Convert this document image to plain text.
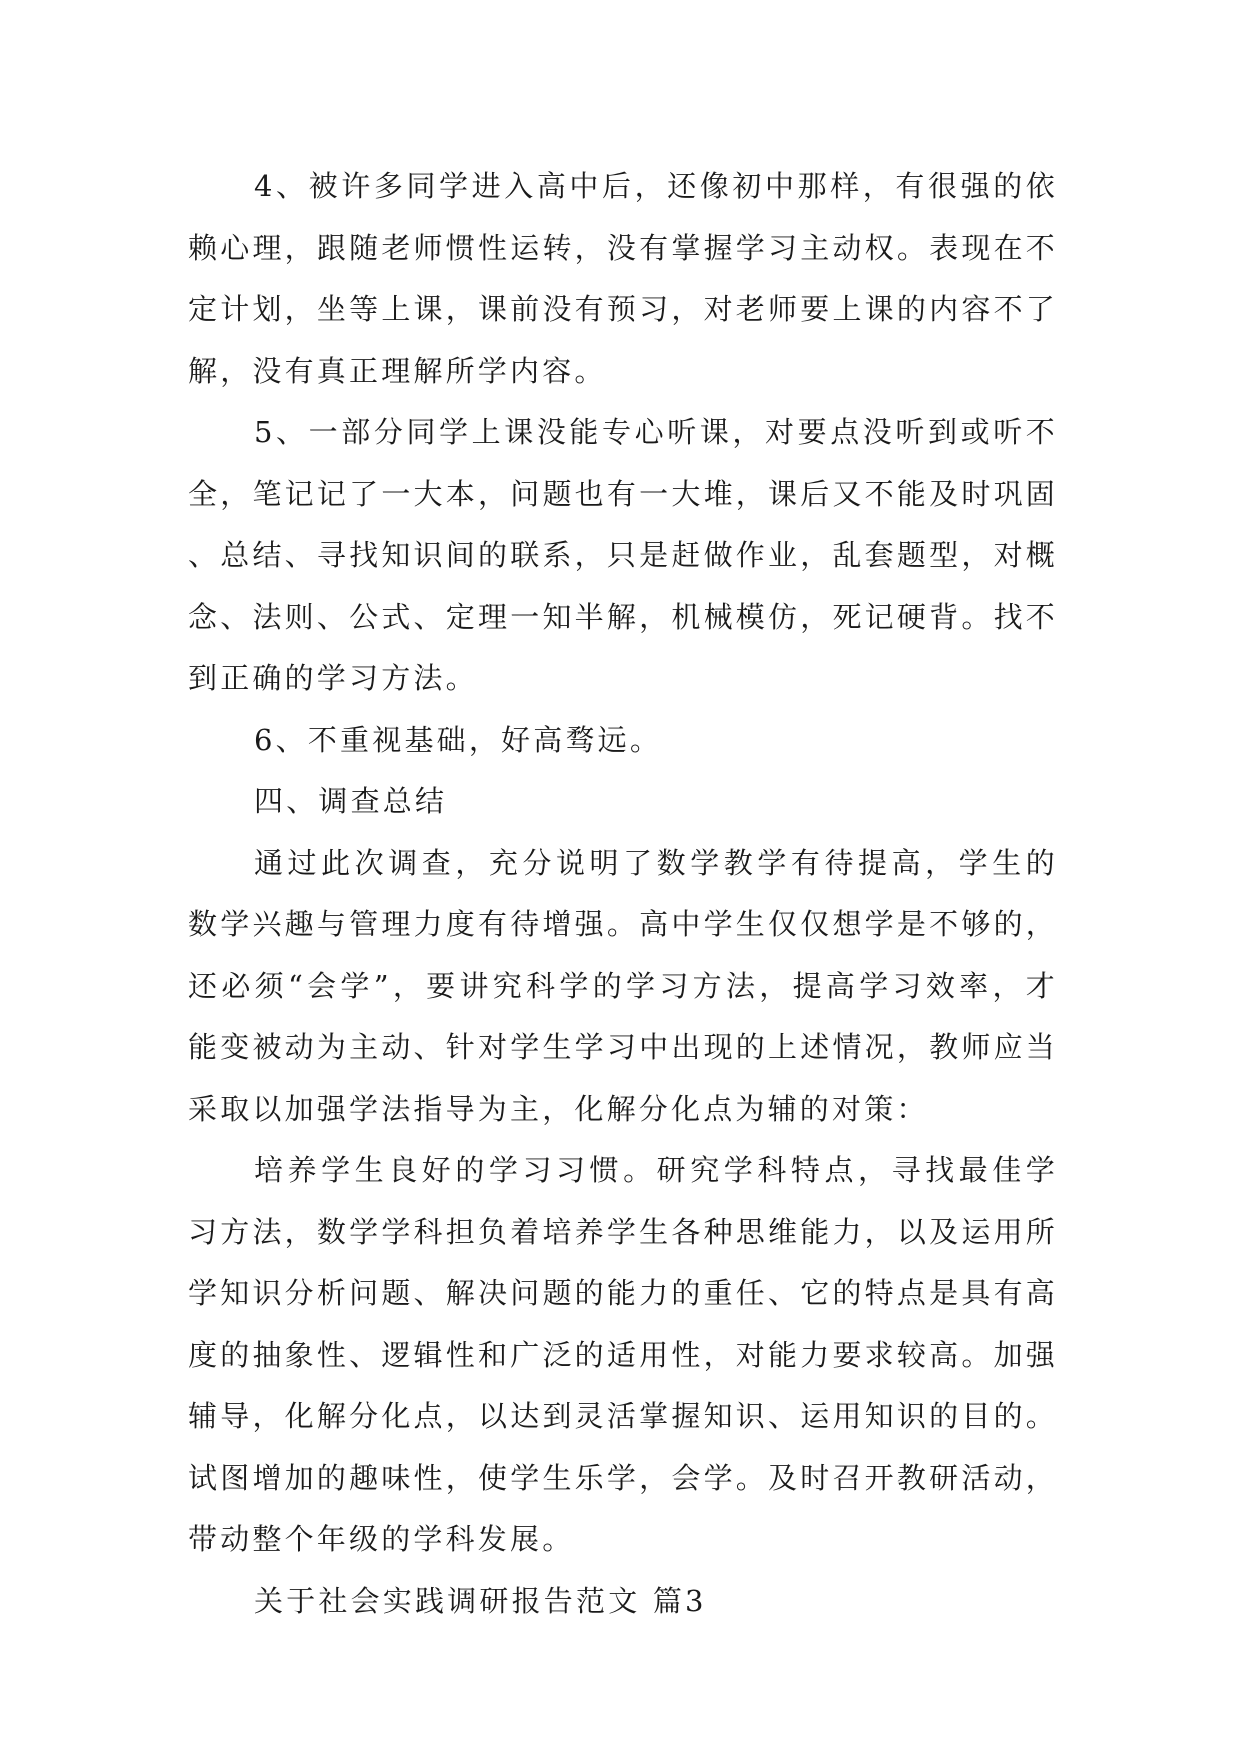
4、被许多同学进入高中后，还像初中那样，有很强的依赖心理，跟随老师惯性运转，没有掌握学习主动权。表现在不定计划，坐等上课，课前没有预习，对老师要上课的内容不了解，没有真正理解所学内容。

5、一部分同学上课没能专心听课，对要点没听到或听不全，笔记记了一大本，问题也有一大堆，课后又不能及时巩固、总结、寻找知识间的联系，只是赶做作业，乱套题型，对概念、法则、公式、定理一知半解，机械模仿，死记硬背。找不到正确的学习方法。

6、不重视基础，好高骛远。

四、调查总结

通过此次调查，充分说明了数学教学有待提高，学生的数学兴趣与管理力度有待增强。高中学生仅仅想学是不够的，还必须“会学”，要讲究科学的学习方法，提高学习效率，才能变被动为主动、针对学生学习中出现的上述情况，教师应当采取以加强学法指导为主，化解分化点为辅的对策：

培养学生良好的学习习惯。研究学科特点，寻找最佳学习方法，数学学科担负着培养学生各种思维能力，以及运用所学知识分析问题、解决问题的能力的重任、它的特点是具有高度的抽象性、逻辑性和广泛的适用性，对能力要求较高。加强辅导，化解分化点，以达到灵活掌握知识、运用知识的目的。试图增加的趣味性，使学生乐学，会学。及时召开教研活动，带动整个年级的学科发展。

关于社会实践调研报告范文 篇3
